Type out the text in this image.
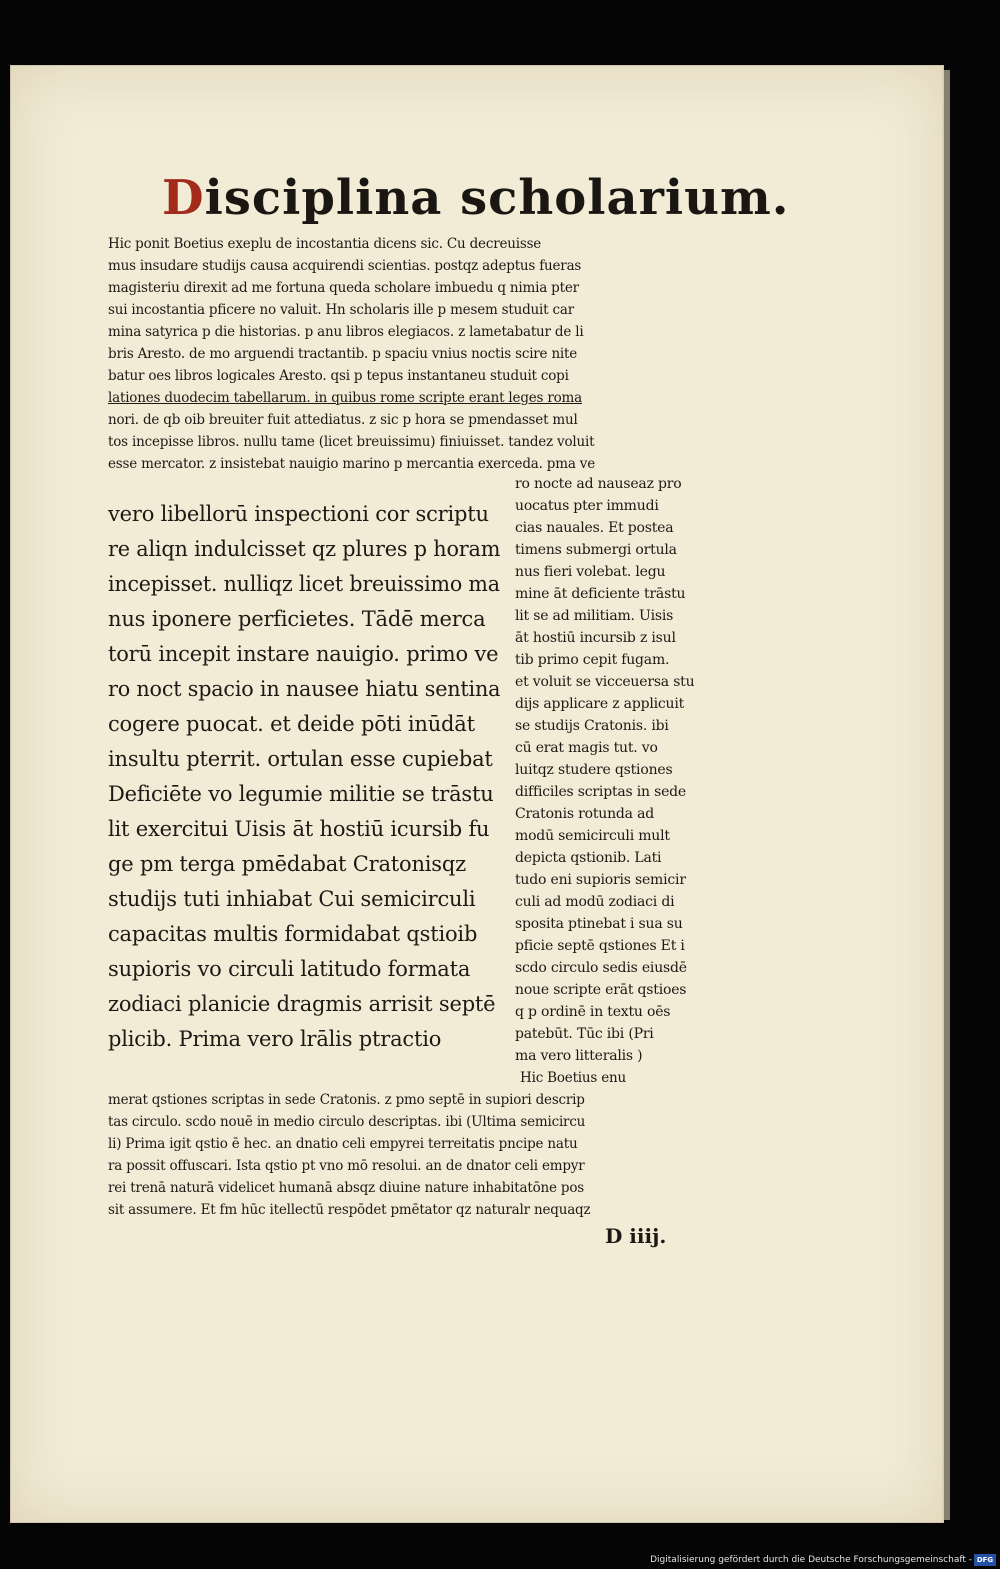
Disciplina scholarium.
Hic ponit Boetius exeplu de incostantia dicens sic. Cu decreuisse
mus insudare studijs causa acquirendi scientias. postqz adeptus fueras
magisteriu direxit ad me fortuna queda scholare imbuedu q nimia pter
sui incostantia pficere no valuit. Hn scholaris ille p mesem studuit car
mina satyrica p die historias. p anu libros elegiacos. z lametabatur de li
bris Aresto. de mo arguendi tractantib. p spaciu vnius noctis scire nite
batur oes libros logicales Aresto. qsi p tepus instantaneu studuit copi
lationes duodecim tabellarum. in quibus rome scripte erant leges roma
nori. de qb oib breuiter fuit attediatus. z sic p hora se pmendasset mul
tos incepisse libros. nullu tame (licet breuissimu) finiuisset. tandez voluit
esse mercator. z insistebat nauigio marino p mercantia exerceda. pma ve
vero libellorū inspectioni cor scriptu
re aliqn indulcisset qz plures p horam
incepisset. nulliqz licet breuissimo ma
nus iponere perficietes. Tādē merca
torū incepit instare nauigio. primo ve
ro noct spacio in nausee hiatu sentina
cogere puocat. et deide pōti inūdāt
insultu pterrit. ortulan esse cupiebat
Deficiēte vo legumie militie se trāstu
lit exercitui Uisis āt hostiū icursib fu
ge pm terga pmēdabat Cratonisqz
studijs tuti inhiabat Cui semicirculi
capacitas multis formidabat qstioib
supioris vo circuli latitudo formata
zodiaci planicie dragmis arrisit septē
plicib. Prima vero lrālis ptractio
ro nocte ad nauseaz pro
uocatus pter immudi
cias nauales. Et postea
timens submergi ortula
nus fieri volebat. legu
mine āt deficiente trāstu
lit se ad militiam. Uisis
āt hostiū incursib z isul
tib primo cepit fugam.
et voluit se vicceuersa stu
dijs applicare z applicuit
se studijs Cratonis. ibi
cū erat magis tut. vo
luitqz studere qstiones
difficiles scriptas in sede
Cratonis rotunda ad
modū semicirculi mult
depicta qstionib. Lati
tudo eni supioris semicir
culi ad modū zodiaci di
sposita ptinebat i sua su
pficie septē qstiones Et i
scdo circulo sedis eiusdē
noue scripte erāt qstioes
q p ordinē in textu oēs
patebūt. Tūc ibi (Pri
ma vero litteralis )
Hic Boetius enu
merat qstiones scriptas in sede Cratonis. z pmo septē in supiori descrip
tas circulo. scdo nouē in medio circulo descriptas. ibi (Ultima semicircu
li) Prima igit qstio ē hec. an dnatio celi empyrei terreitatis pncipe natu
ra possit offuscari. Ista qstio pt vno mō resolui. an de dnator celi empyr
rei trenā naturā videlicet humanā absqz diuine nature inhabitatōne pos
sit assumere. Et fm hūc itellectū respōdet pmētator qz naturalr nequaqz
D iiij.
Digitalisierung gefördert durch die Deutsche Forschungsgemeinschaft - DFG
